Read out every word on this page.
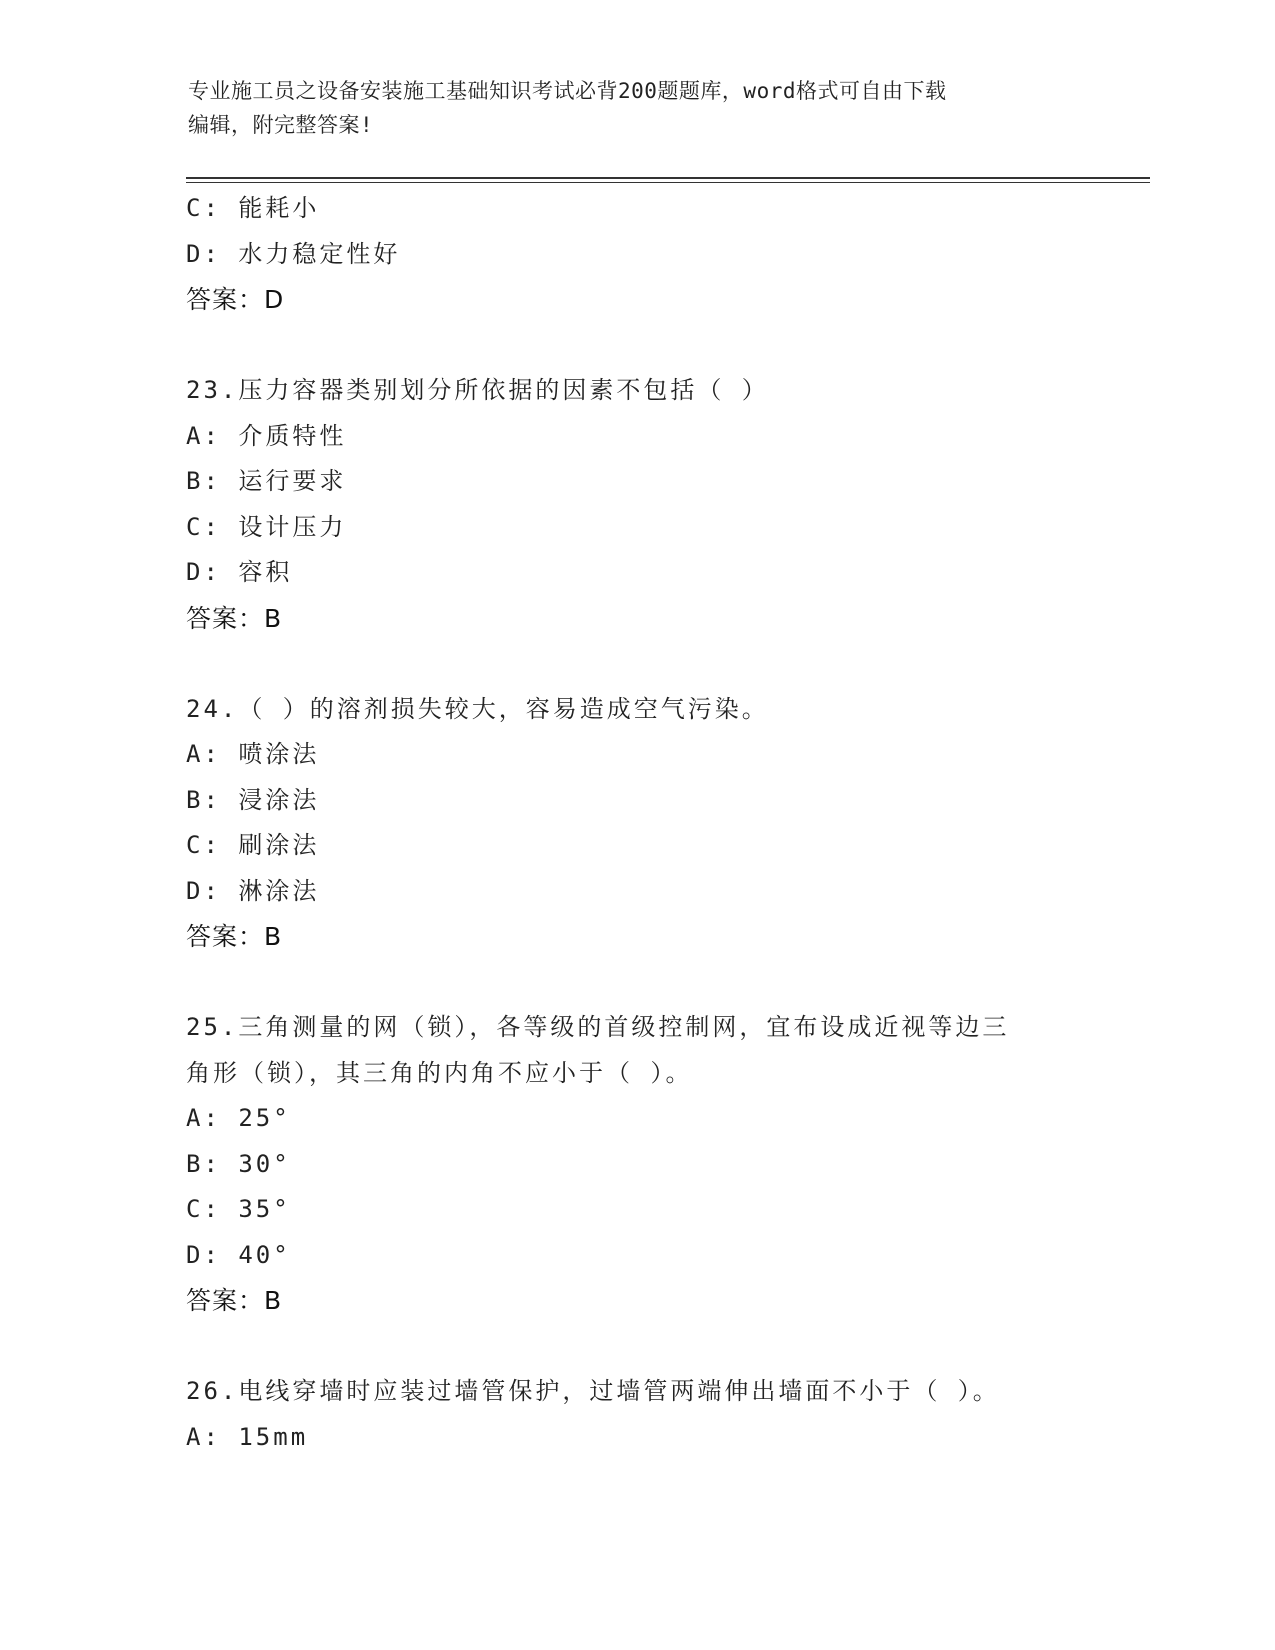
专业施工员之设备安装施工基础知识考试必背200题题库，word格式可自由下载
编辑，附完整答案!
C: 能耗小
D: 水力稳定性好
答案：D
23.压力容器类别划分所依据的因素不包括（ ）
A: 介质特性
B: 运行要求
C: 设计压力
D: 容积
答案：B
24.（ ）的溶剂损失较大，容易造成空气污染。
A: 喷涂法
B: 浸涂法
C: 刷涂法
D: 淋涂法
答案：B
25.三角测量的网（锁），各等级的首级控制网，宜布设成近视等边三
角形（锁），其三角的内角不应小于（ ）。
A: 25°
B: 30°
C: 35°
D: 40°
答案：B
26.电线穿墙时应装过墙管保护，过墙管两端伸出墙面不小于（ ）。
A: 15mm
